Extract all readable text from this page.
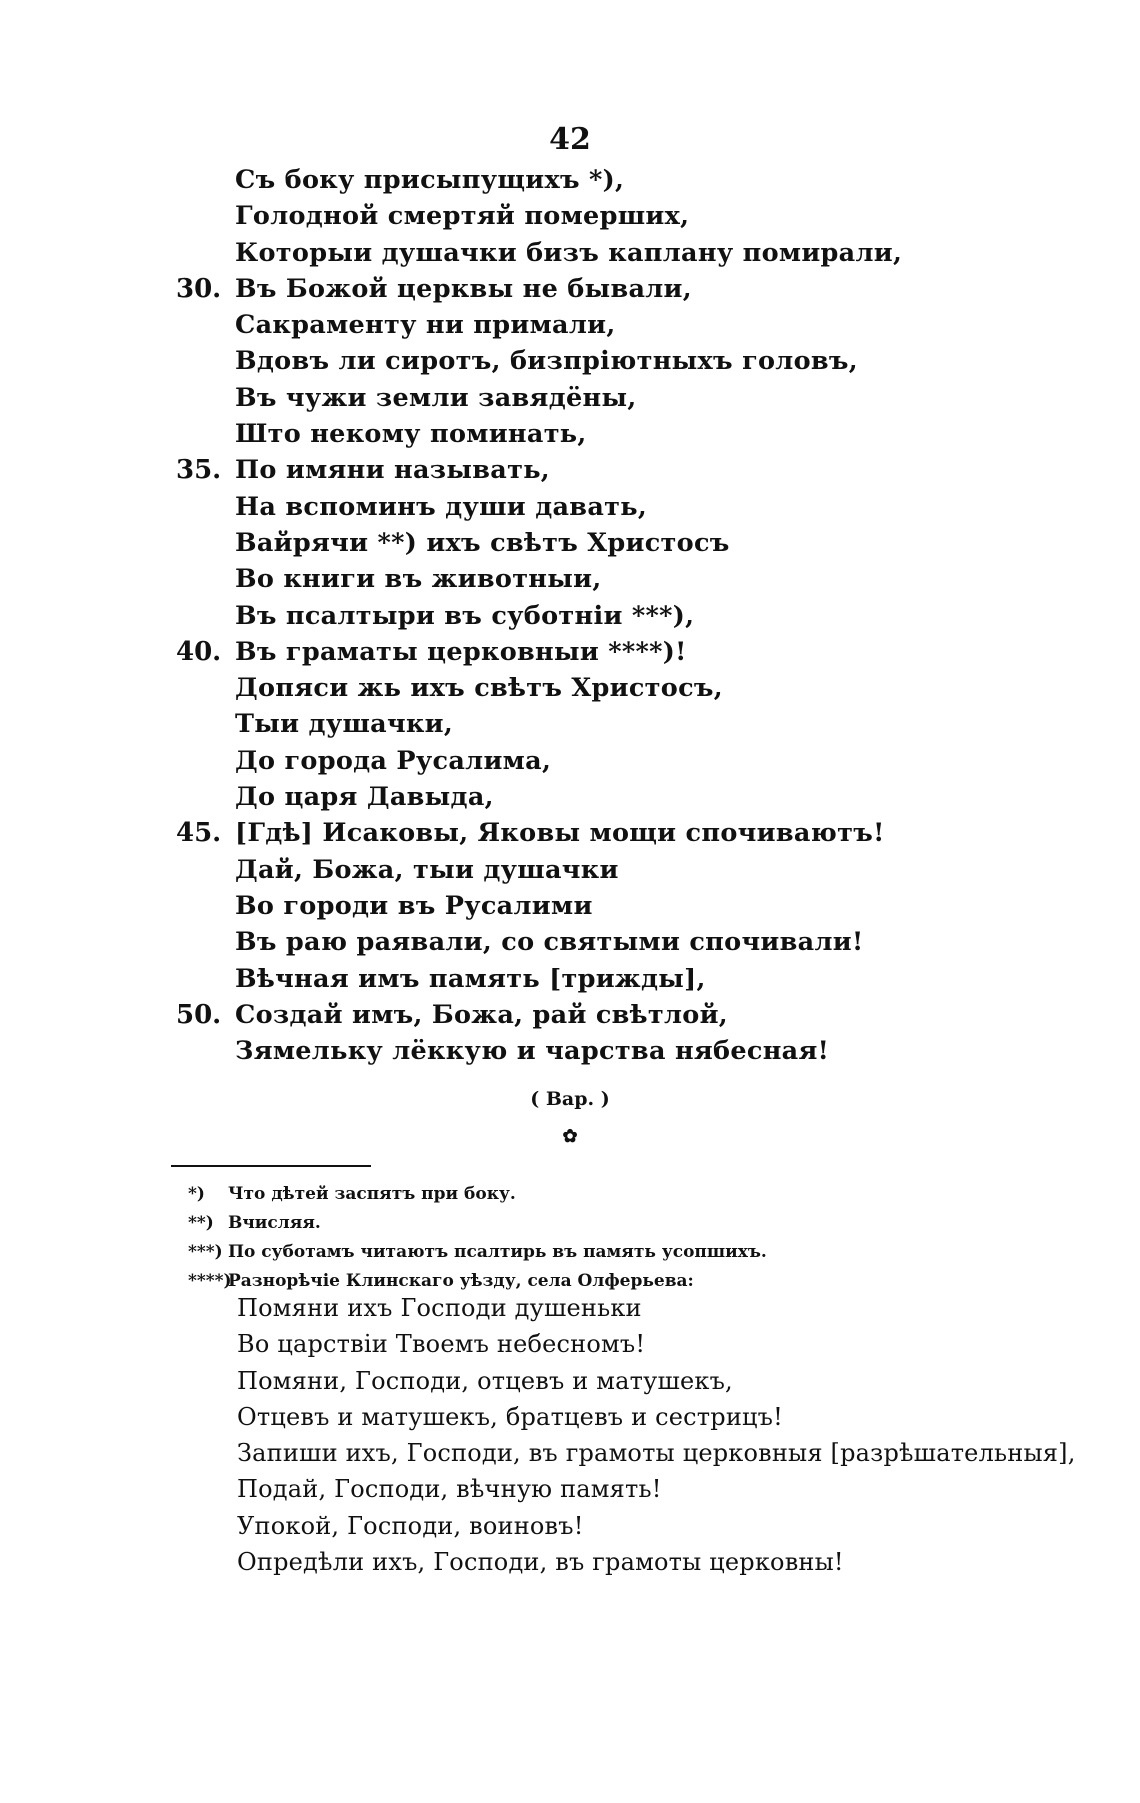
42
Съ боку присыпущихъ *),
Голодной смертяй померших,
Которыи душачки бизъ каплану помирали,
30. Въ Божой церквы не бывали,
Сакраменту ни примали,
Вдовъ ли сиротъ, бизпріютныхъ головъ,
Въ чужи земли завядёны,
Што некому поминать,
35. По имяни называть,
На вспоминъ души давать,
Вайрячи **) ихъ свѣтъ Христосъ
Во книги въ животныи,
Въ псалтыри въ суботніи ***),
40. Въ граматы церковныи ****)!
Допяси жь ихъ свѣтъ Христосъ,
Тыи душачки,
До города Русалима,
До царя Давыда,
45. [Гдѣ] Исаковы, Яковы мощи спочиваютъ!
Дай, Божа, тыи душачки
Во городи въ Русалими
Въ раю раявали, со святыми спочивали!
Вѣчная имъ память [трижды],
50. Создай имъ, Божа, рай свѣтлой,
Зямельку лёккую и чарства нябесная!
( Вар. )
✿
*) Что дѣтей заспятъ при боку.
**) Вчисляя.
***) По суботамъ читаютъ псалтирь въ память усопшихъ.
****)
Разнорѣчіе Клинскаго уѣзду, села Олферьева:
Помяни ихъ Господи душеньки
Во царствіи Твоемъ небесномъ!
Помяни, Господи, отцевъ и матушекъ,
Отцевъ и матушекъ, братцевъ и сестрицъ!
Запиши ихъ, Господи, въ грамоты церковныя [разрѣшательныя],
Подай, Господи, вѣчную память!
Упокой, Господи, воиновъ!
Опредѣли ихъ, Господи, въ грамоты церковны!
